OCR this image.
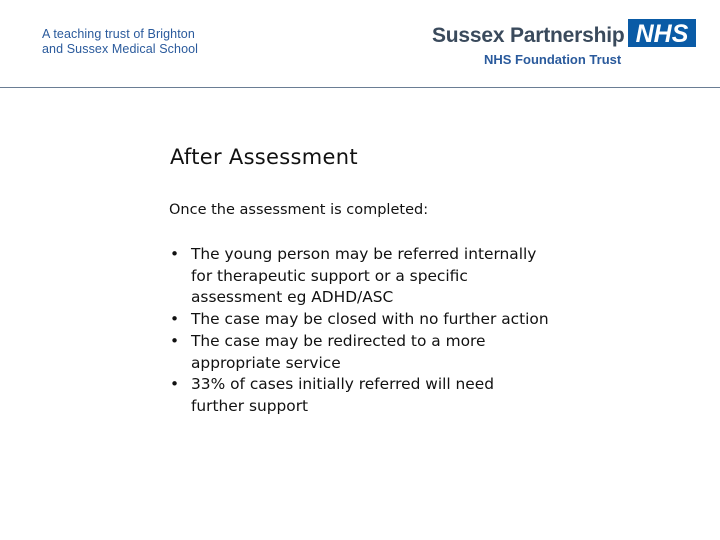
A teaching trust of Brighton
and Sussex Medical School
Sussex Partnership NHS
NHS Foundation Trust
After Assessment
Once the assessment is completed:
• The young person may be referred internally for therapeutic support or a specific assessment eg ADHD/ASC
• The case may be closed with no further action
• The case may be redirected to a more appropriate service
• 33% of cases initially referred will need further support
